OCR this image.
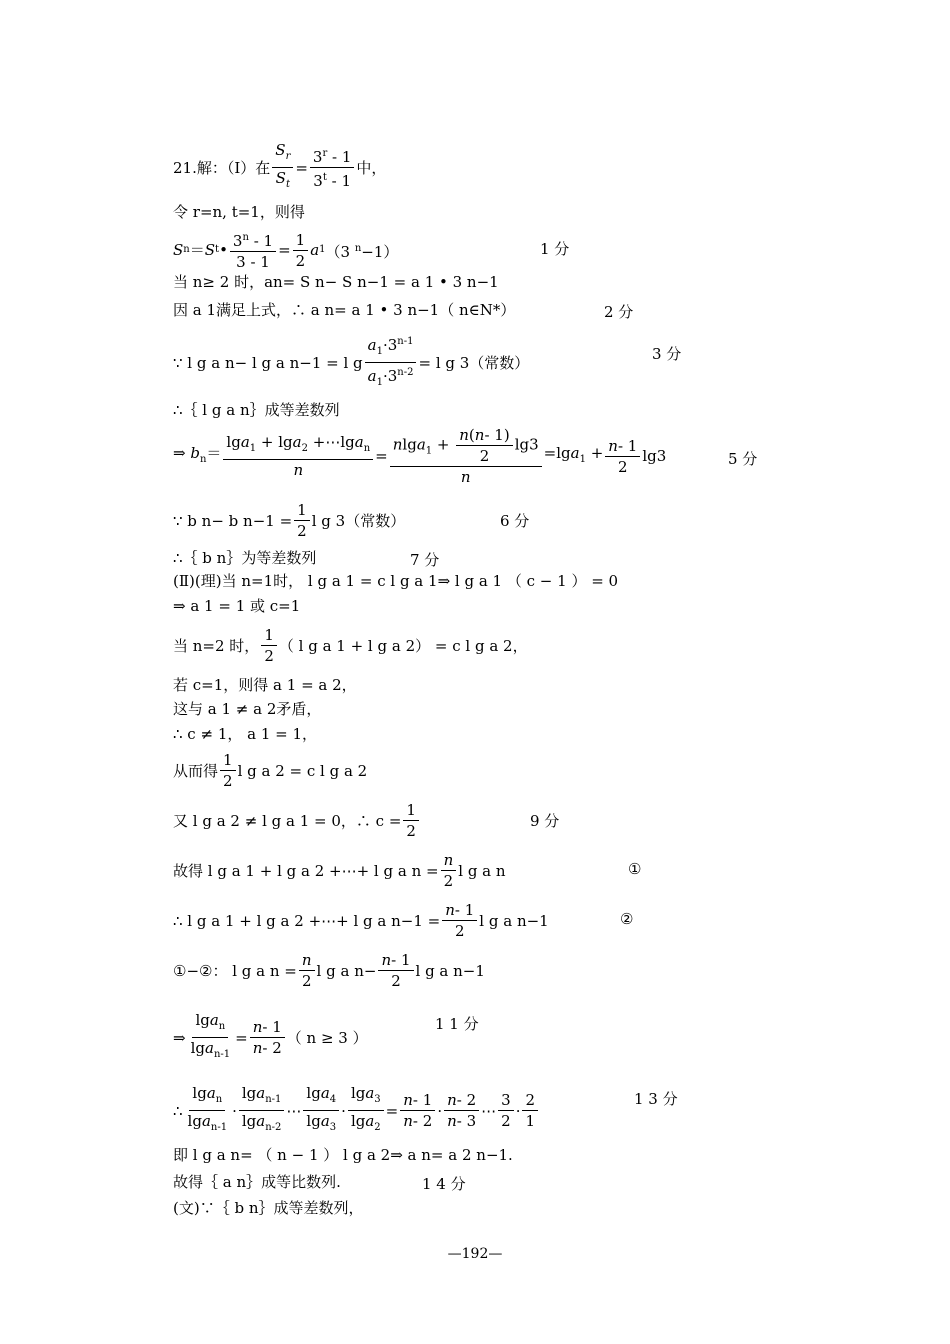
21.解：（Ⅰ）在 $\frac{S_r}{S_t} = \frac{3^r - 1}{3^t - 1}$ 中，
令 r=n, t=1，则得
S n ＝ S t • $\frac{3^n - 1}{3 - 1} = \frac{1}{2}$ a 1 （3 $^n$−1）	1 分
当 n≥ 2 时，an= S n− S n−1 = a 1 • 3 n−1
因 a 1满足上式，∴ a n= a 1 • 3 n−1（ n∈N*）	2 分
∵ l g a n− l g a n−1 = l g $\frac{a_1\cdot 3^{n-1}}{a_1\cdot 3^{n-2}} = l$ g 3（常数）	3 分
∴｛ l g a n｝成等差数列
⇒ $b_n= \frac{\lg a_1 + \lg a_2 +\cdots\lg a_n}{n} = \frac{nlga_1 + \frac{n(n- 1)}{2} \lg 3}{n} =\lg a_1 + \frac{n- 1}{2} \lg 3$	5 分
∵ b n− b $n-1 = \frac{1}{2}$ l g 3（常数）	6 分
∴｛ b n｝为等差数列	7 分
(Ⅱ)(理)当 n=1时， l g a 1 = c l g a 1⇒ l g a 1 （ c − 1 ） = 0
⇒ a 1 = 1 或 c=1
当 n=2 时，
1
2
（ l g a 1 + l g a 2） = c l g a 2，
若 c=1，则得 a 1 = a 2，
这与 a 1 ≠ a 2矛盾，
∴ c ≠ 1， a 1 = 1，
从而得
1
2
l g a 2 = c l g a 2
又 l g a 2 ≠ l g a 1 = 0，∴ $c = \frac{1}{2}$	9 分
故得 l g a 1 + l g a 2 +⋯+ l g a $n = \frac{n}{2}$ l g a n	①
∴ l g a 1 + l g a 2 +⋯+ l g a $n-1 = \frac{n- 1}{2}$ l g a n−1	②
①−②： l g a $n = \frac{n}{2}$ l g a $n- \frac{n- 1}{2}$ l g a n−1
⇒ $\frac{\lg a_n}{\lg a_{n-1}} = \frac{n- 1}{n- 2}$ （ n ≥ 3 ）
1 1 分
∴
lga$_n$
lga$_{n-1}$
·
lga$_{n-1}$
lga$_{n-2}$
⋯
lga$_4$
lga$_3$
· $\frac{\lg a_3}{\lg a_2} = \frac{n- 1}{n- 2}$ ·
n- 2
n- 3
⋯
3
2
·
2
1
1 3 分
即 l g a n= （ n − 1 ） l g a 2⇒ a n= a 2 n−1.
故得｛ a n｝成等比数列.	1 4 分
(文)∵｛ b n｝成等差数列，
—192—
